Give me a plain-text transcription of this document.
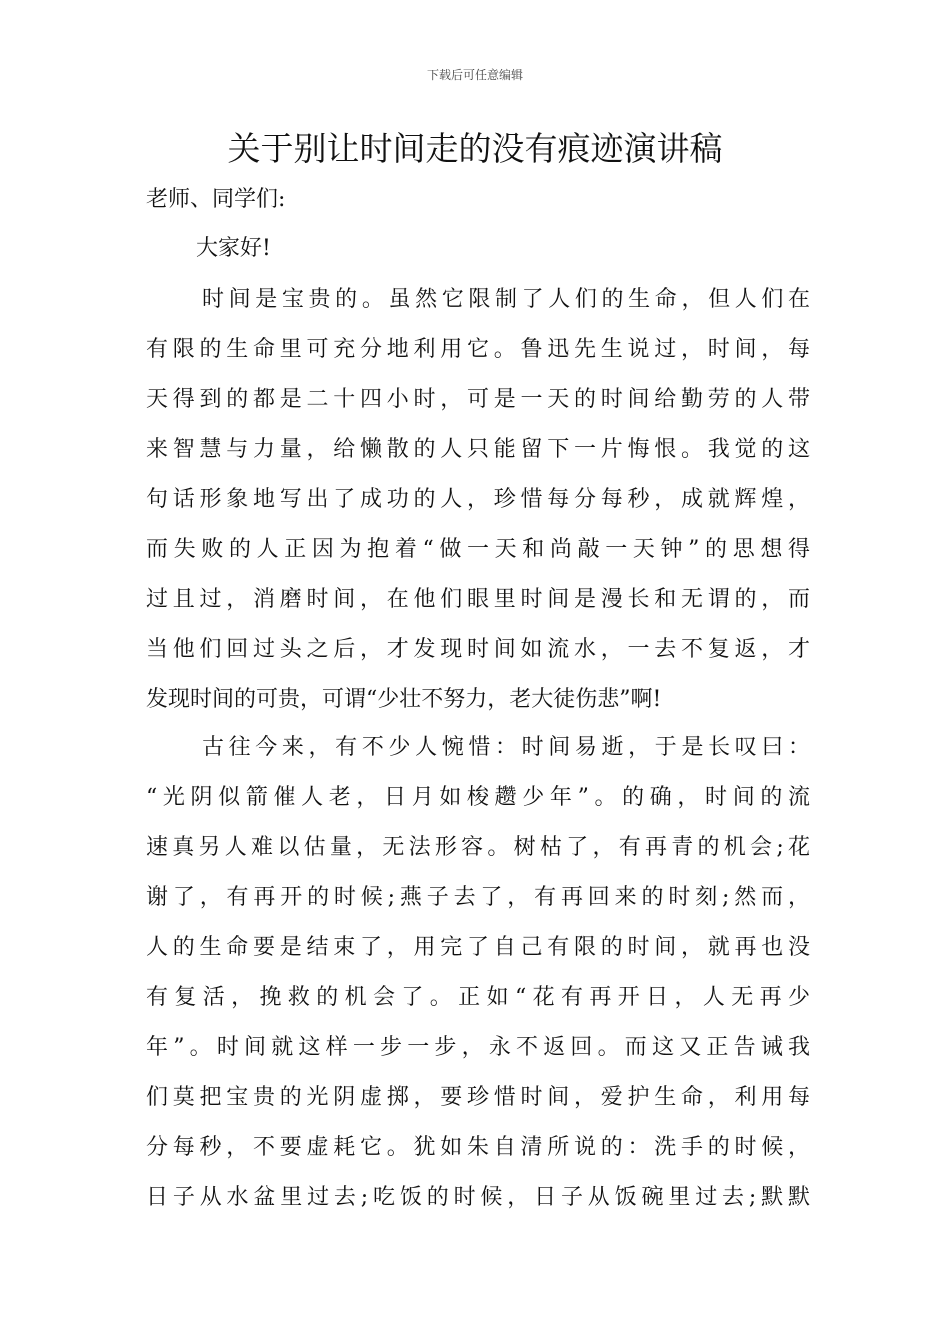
下载后可任意编辑
关于别让时间走的没有痕迹演讲稿
老师、同学们:
大家好!
时间是宝贵的。虽然它限制了人们的生命，但人们在
有限的生命里可充分地利用它。鲁迅先生说过，时间，每
天得到的都是二十四小时，可是一天的时间给勤劳的人带
来智慧与力量，给懒散的人只能留下一片悔恨。我觉的这
句话形象地写出了成功的人，珍惜每分每秒，成就辉煌，
而失败的人正因为抱着“做一天和尚敲一天钟”的思想得
过且过，消磨时间，在他们眼里时间是漫长和无谓的，而
当他们回过头之后，才发现时间如流水，一去不复返，才
发现时间的可贵，可谓“少壮不努力，老大徒伤悲”啊!
古往今来，有不少人惋惜：时间易逝，于是长叹曰：
“光阴似箭催人老，日月如梭趱少年”。的确，时间的流
速真另人难以估量，无法形容。树枯了，有再青的机会;花
谢了，有再开的时候;燕子去了，有再回来的时刻;然而，
人的生命要是结束了，用完了自己有限的时间，就再也没
有复活，挽救的机会了。正如“花有再开日，人无再少
年”。时间就这样一步一步，永不返回。而这又正告诫我
们莫把宝贵的光阴虚掷，要珍惜时间，爱护生命，利用每
分每秒，不要虚耗它。犹如朱自清所说的：洗手的时候，
日子从水盆里过去;吃饭的时候，日子从饭碗里过去;默默
